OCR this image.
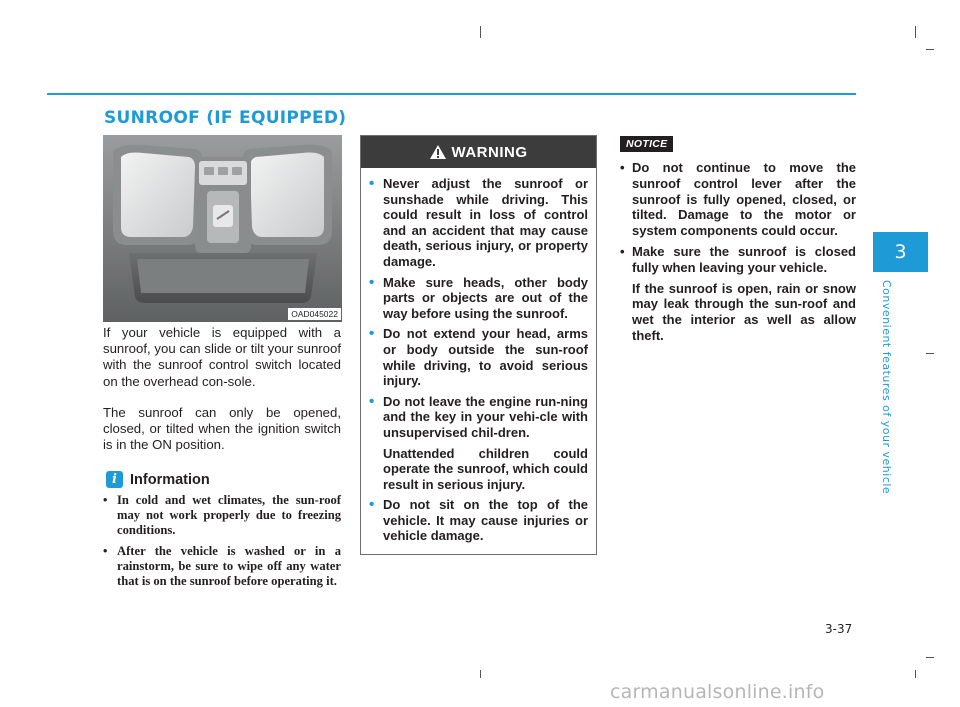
SUNROOF (IF EQUIPPED)
OAD045022

If your vehicle is equipped with a sunroof, you can slide or tilt your sunroof with the sunroof control switch located on the overhead con-sole.

The sunroof can only be opened, closed, or tilted when the ignition switch is in the ON position.

i Information
• In cold and wet climates, the sun-roof may not work properly due to freezing conditions.
• After the vehicle is washed or in a rainstorm, be sure to wipe off any water that is on the sunroof before operating it.
WARNING
• Never adjust the sunroof or sunshade while driving. This could result in loss of control and an accident that may cause death, serious injury, or property damage.
• Make sure heads, other body parts or objects are out of the way before using the sunroof.
• Do not extend your head, arms or body outside the sun-roof while driving, to avoid serious injury.
• Do not leave the engine run-ning and the key in your vehi-cle with unsupervised chil-dren.
Unattended children could operate the sunroof, which could result in serious injury.
• Do not sit on the top of the vehicle. It may cause injuries or vehicle damage.
NOTICE
• Do not continue to move the sunroof control lever after the sunroof is fully opened, closed, or tilted. Damage to the motor or system components could occur.
• Make sure the sunroof is closed fully when leaving your vehicle.
If the sunroof is open, rain or snow may leak through the sun-roof and wet the interior as well as allow theft.
3
Convenient features of your vehicle
3-37
carmanualsonline.info
